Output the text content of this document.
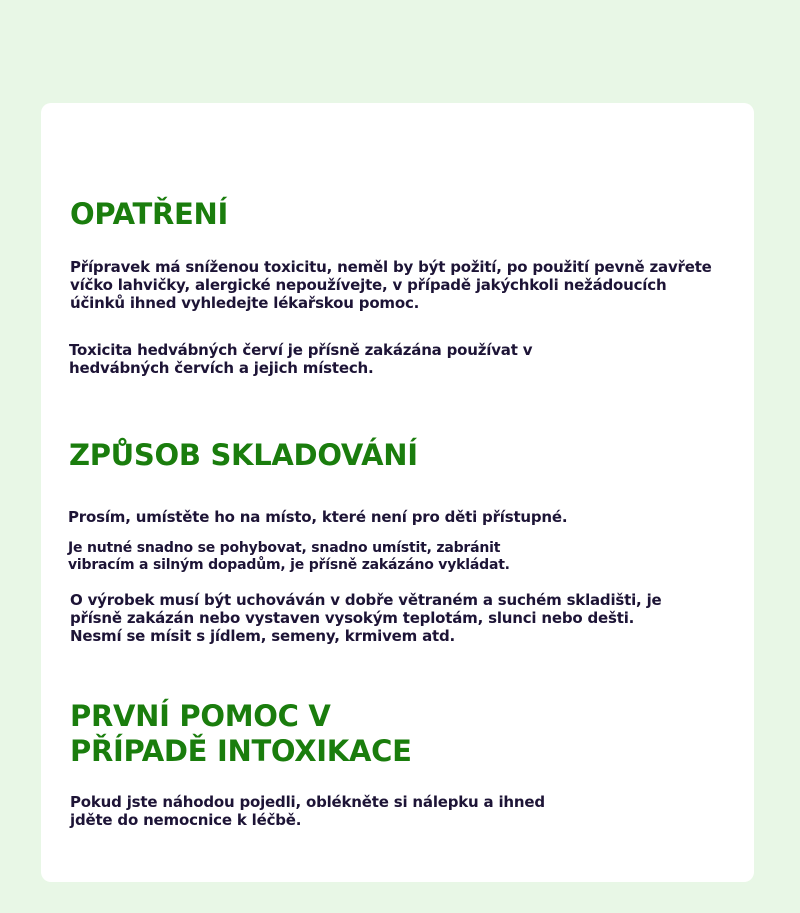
OPATŘENÍ

Přípravek má sníženou toxicitu, neměl by být požití, po použití pevně zavřete
víčko lahvičky, alergické nepoužívejte, v případě jakýchkoli nežádoucích
účinků ihned vyhledejte lékařskou pomoc.

Toxicita hedvábných červí je přísně zakázána používat v
hedvábných červích a jejich místech.

ZPŮSOB SKLADOVÁNÍ

Prosím, umístěte ho na místo, které není pro děti přístupné.

Je nutné snadno se pohybovat, snadno umístit, zabránit
vibracím a silným dopadům, je přísně zakázáno vykládat.

O výrobek musí být uchováván v dobře větraném a suchém skladišti, je
přísně zakázán nebo vystaven vysokým teplotám, slunci nebo dešti.
Nesmí se mísit s jídlem, semeny, krmivem atd.

PRVNÍ POMOC V
PŘÍPADĚ INTOXIKACE

Pokud jste náhodou pojedli, oblékněte si nálepku a ihned
jděte do nemocnice k léčbě.
